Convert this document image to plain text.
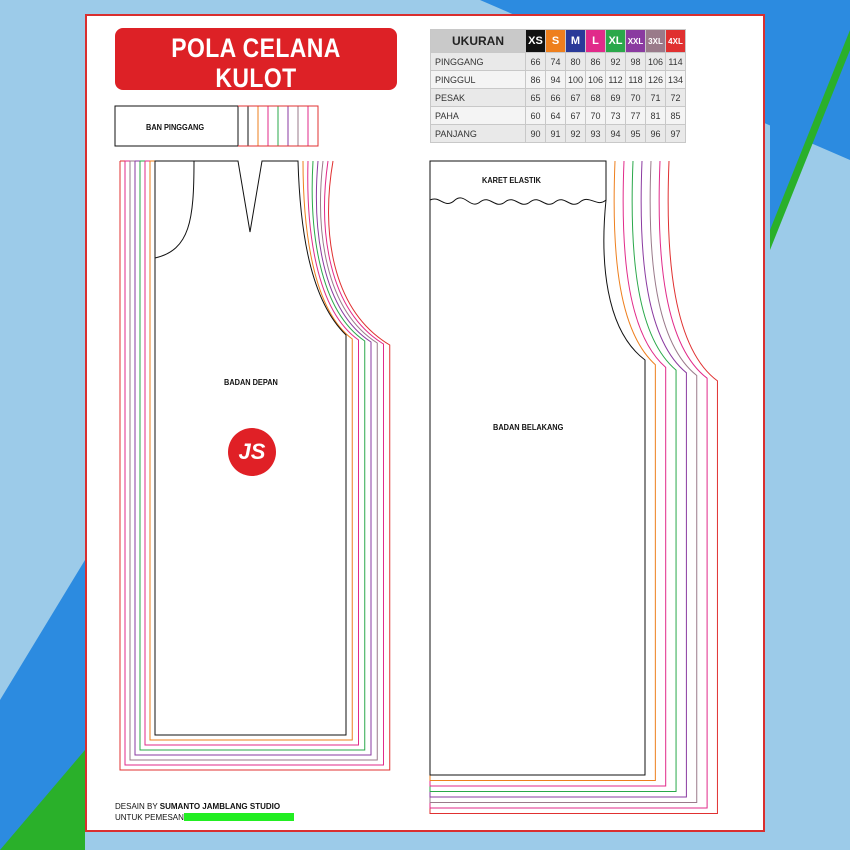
POLA CELANA KULOT
DESAIN BY SUMANTO JAMBLANG STUDIO
UKURAN	XS	S	M	L	XL	XXL	3XL	4XL
PINGGANG	66	74	80	86	92	98	106	114
PINGGUL	86	94	100	106	112	118	126	134
PESAK	65	66	67	68	69	70	71	72
PAHA	60	64	67	70	73	77	81	85
PANJANG	90	91	92	93	94	95	96	97
BAN PINGGANG
BADAN DEPAN
BADAN BELAKANG
KARET ELASTIK
JS
DESAIN BY SUMANTO JAMBLANG STUDIO
UNTUK PEMESAN
